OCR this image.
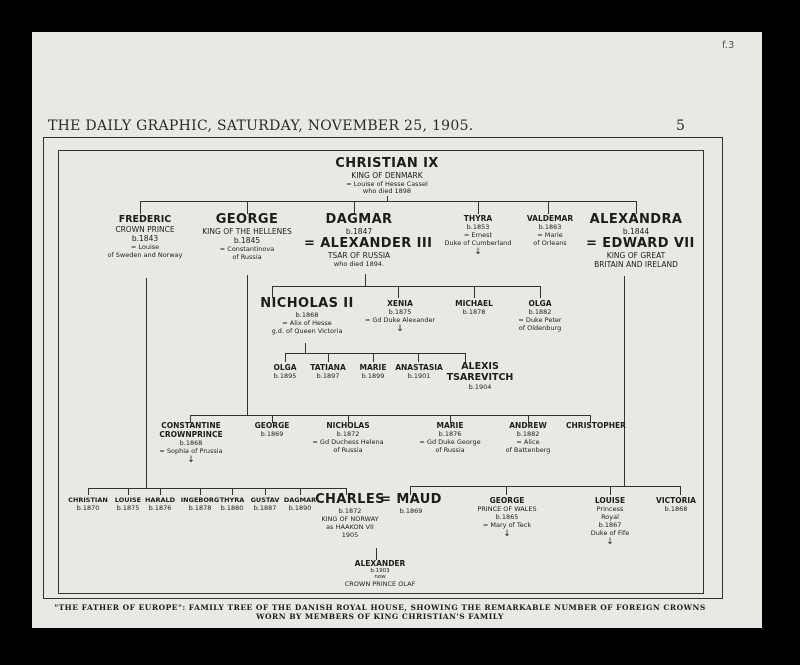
f.3
THE DAILY GRAPHIC, SATURDAY, NOVEMBER 25, 1905.	5
CHRISTIAN IX
KING OF DENMARK
= Louise of Hesse Cassel
who died 1898
FREDERIC
CROWN PRINCE
b.1843
= Louise
of Sweden and Norway
GEORGE
KING OF THE HELLENES
b.1845
= Constantinova
of Russia
DAGMAR
b.1847
= ALEXANDER III
TSAR OF RUSSIA
who died 1894.
THYRA
b.1853
= Ernest
Duke of Cumberland
↓
VALDEMAR
b.1863
= Marie
of Orleans
ALEXANDRA
b.1844
= EDWARD VII
KING OF GREAT
BRITAIN AND IRELAND
NICHOLAS II
b.1868
= Alix of Hesse
g.d. of Queen Victoria
XENIA
b.1875
= Gd Duke Alexander
↓
MICHAEL
b.1878
OLGA
b.1882
= Duke Peter
of Oldenburg
OLGA
b.1895
TATIANA
b.1897
MARIE
b.1899
ANASTASIA
b.1901
ALEXIS
TSAREVITCH
b.1904
CONSTANTINE
CROWNPRINCE
b.1868
= Sophia of Prussia
↓
GEORGE
b.1869
NICHOLAS
b.1872
= Gd Duchess Helena
of Russia
MARIE
b.1876
= Gd Duke George
of Russia
ANDREW
b.1882
= Alice
of Battenberg
CHRISTOPHER
CHRISTIAN
b.1870
LOUISE
b.1875
HARALD
b.1876
INGEBORG
b.1878
THYRA
b.1880
GUSTAV
b.1887
DAGMAR
b.1890
CHARLES
b.1872
KING OF NORWAY
as HAAKON VII
1905
= MAUD
b.1869
GEORGE
PRINCE OF WALES
b.1865
= Mary of Teck
↓
LOUISE
Princess
Royal
b.1867
Duke of Fife
↓
VICTORIA
b.1868
ALEXANDER
b.1903
now
CROWN PRINCE OLAF
"THE FATHER OF EUROPE": FAMILY TREE OF THE DANISH ROYAL HOUSE, SHOWING THE REMARKABLE NUMBER OF FOREIGN CROWNS
WORN BY MEMBERS OF KING CHRISTIAN'S FAMILY
